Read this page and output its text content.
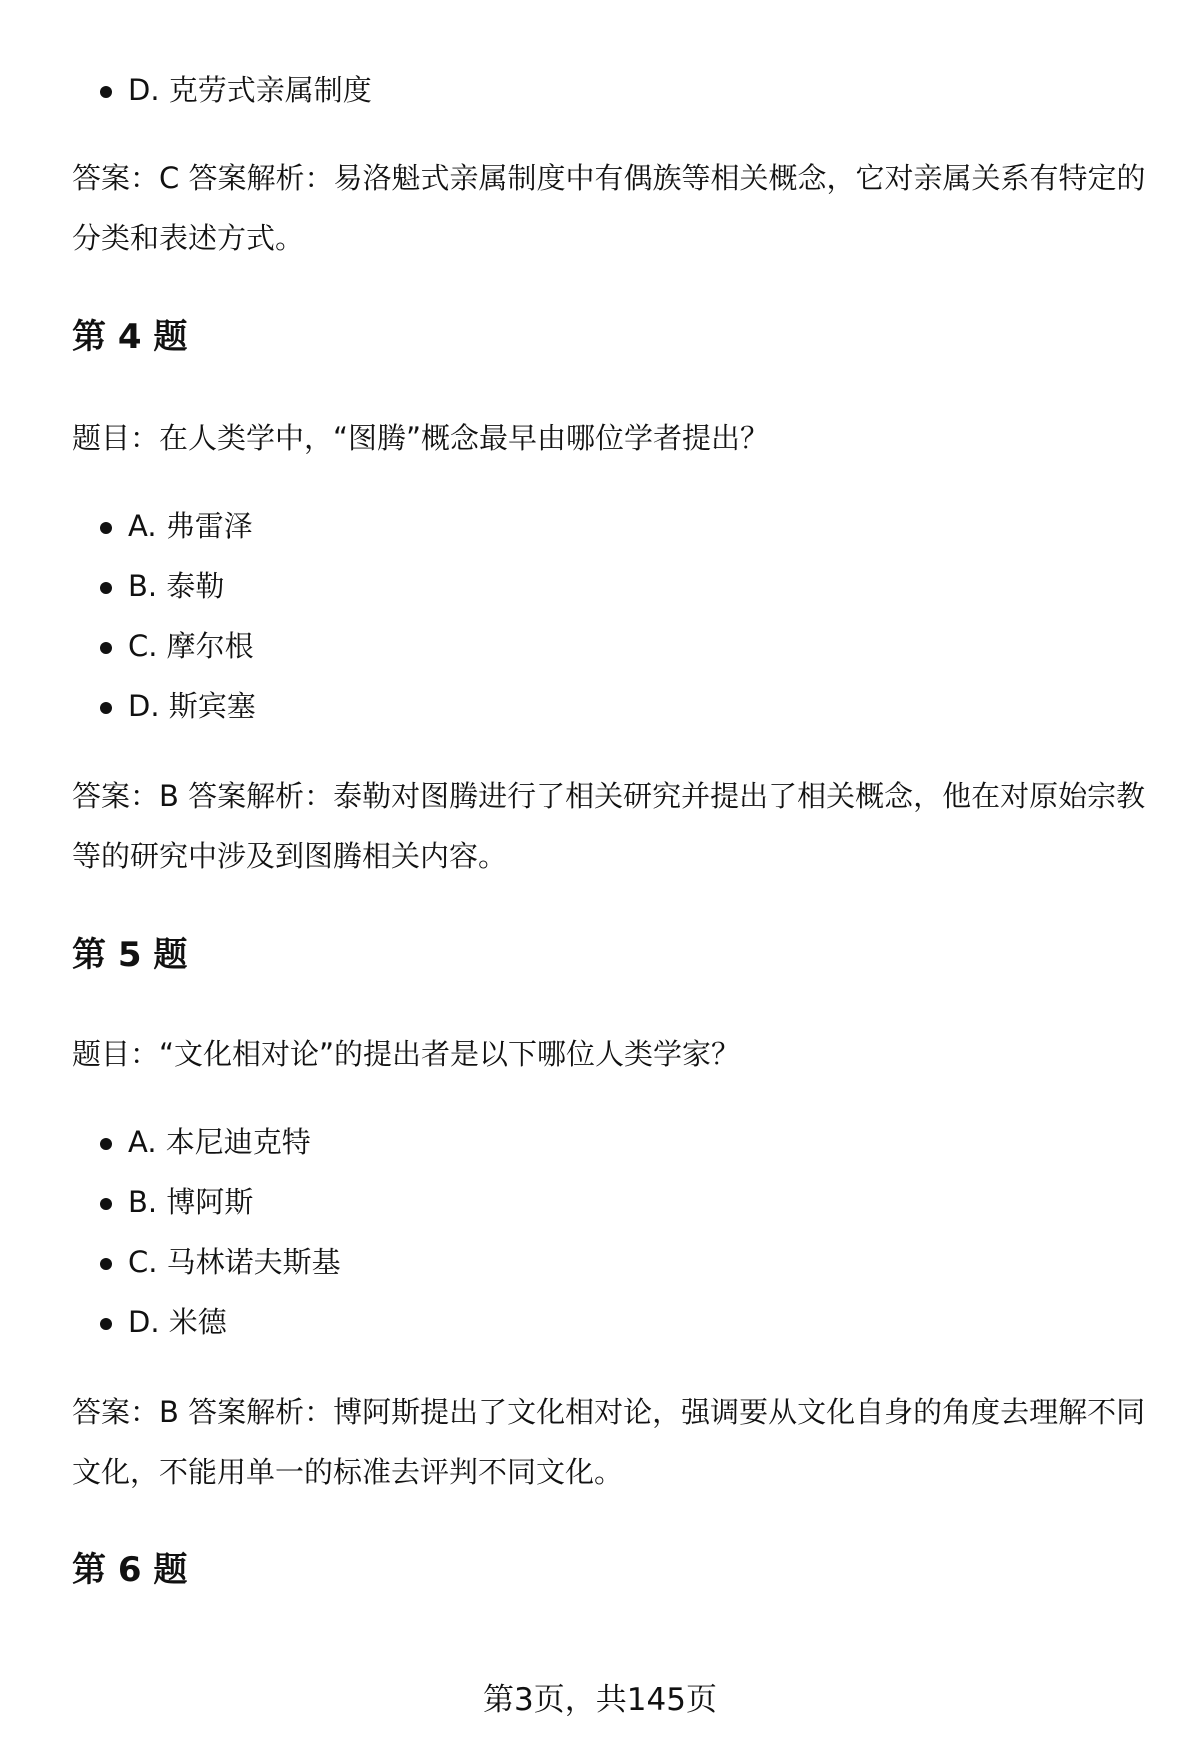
D. 克劳式亲属制度

答案：C 答案解析：易洛魁式亲属制度中有偶族等相关概念，它对亲属关系有特定的分类和表述方式。

第 4 题

题目：在人类学中，“图腾”概念最早由哪位学者提出？

A. 弗雷泽
B. 泰勒
C. 摩尔根
D. 斯宾塞

答案：B 答案解析：泰勒对图腾进行了相关研究并提出了相关概念，他在对原始宗教等的研究中涉及到图腾相关内容。

第 5 题

题目：“文化相对论”的提出者是以下哪位人类学家？

A. 本尼迪克特
B. 博阿斯
C. 马林诺夫斯基
D. 米德

答案：B 答案解析：博阿斯提出了文化相对论，强调要从文化自身的角度去理解不同文化，不能用单一的标准去评判不同文化。

第 6 题
第3页，共145页
